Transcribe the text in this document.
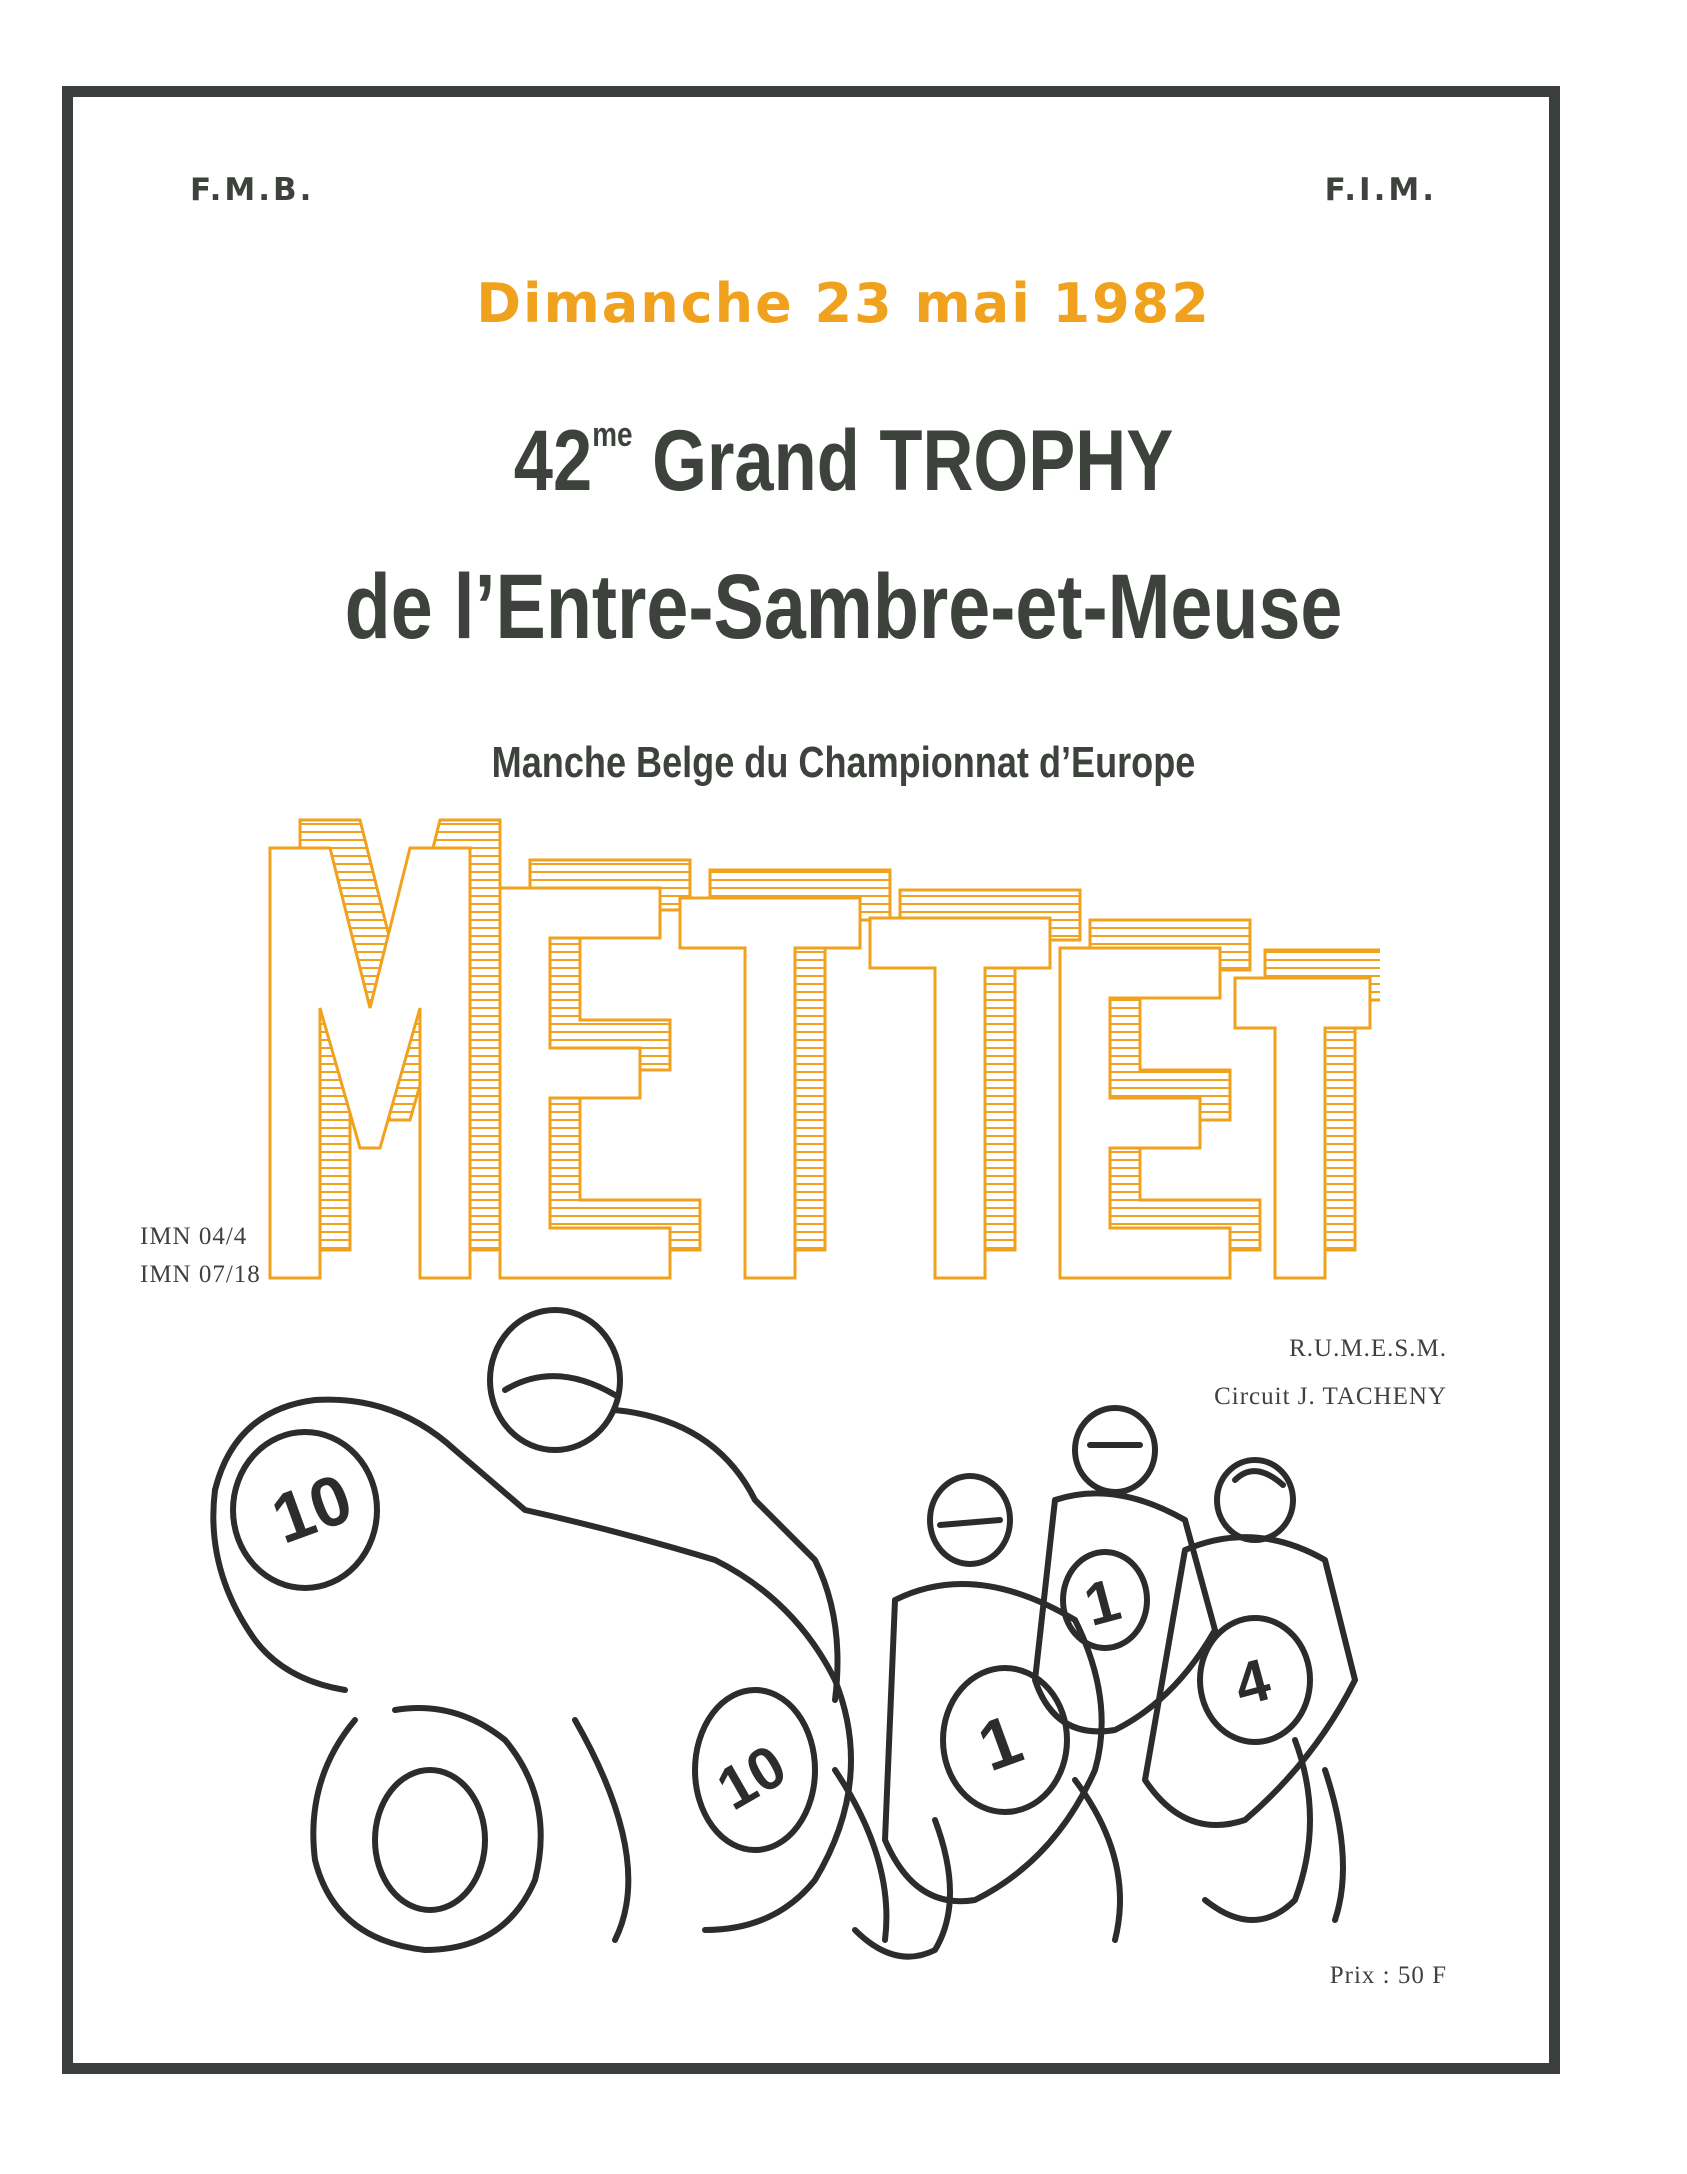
F.M.B.	F.I.M.
Dimanche 23 mai 1982
$42^{me}$ Grand TROPHY
de l’Entre-Sambre-et-Meuse
Manche Belge du Championnat d’Europe
IMN 04/4
IMN 07/18
R.U.M.E.S.M.
Circuit J. TACHENY
10
10 1
1
4
Prix : 50 F
